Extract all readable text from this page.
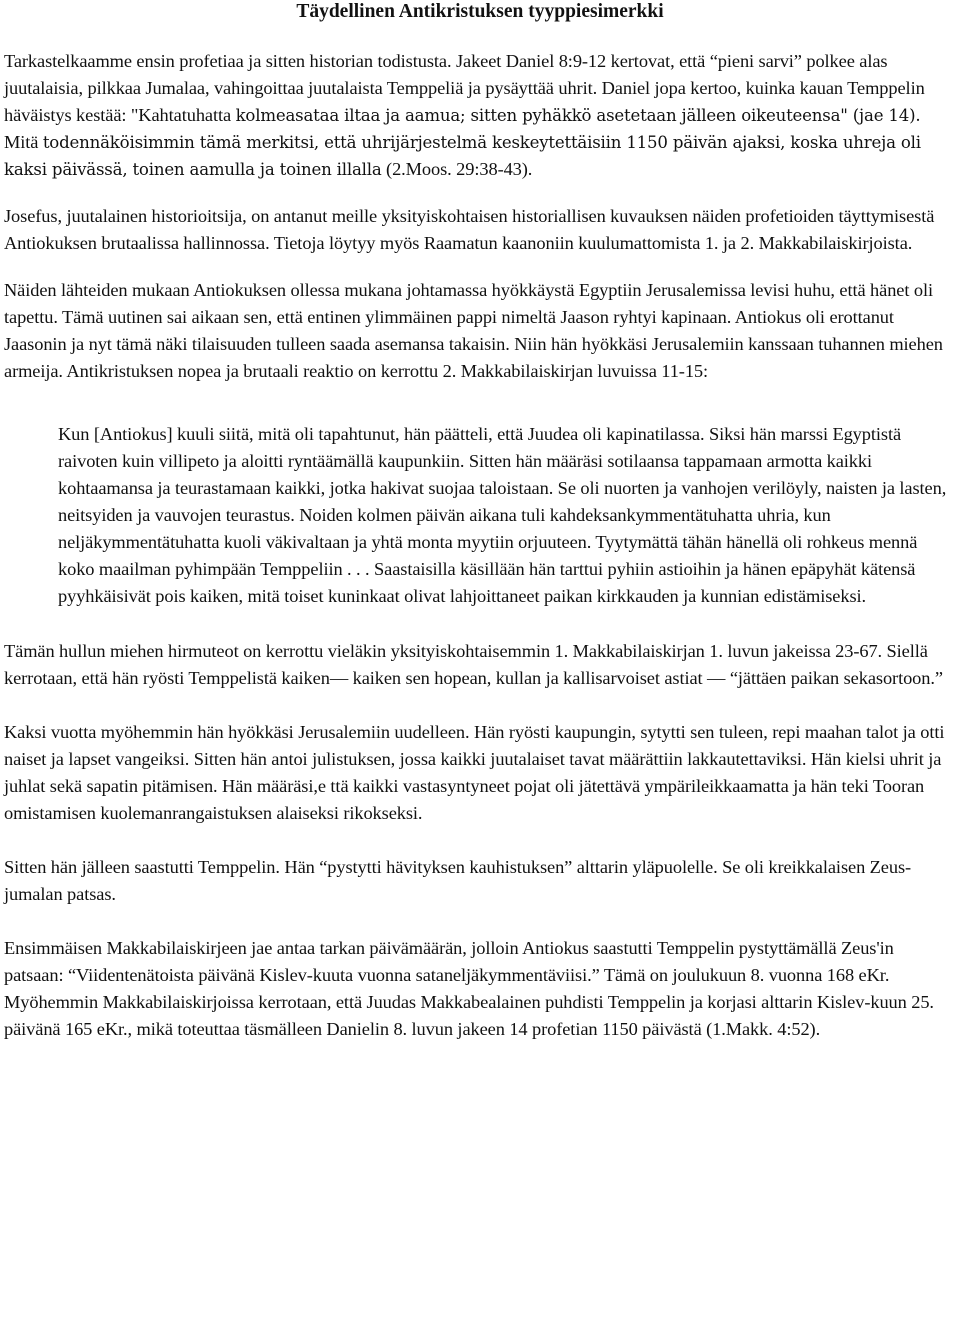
Täydellinen Antikristuksen tyyppiesimerkki

Tarkastelkaamme ensin profetiaa ja sitten historian todistusta. Jakeet Daniel 8:9-12 kertovat, että “pieni sarvi” polkee alas juutalaisia, pilkkaa Jumalaa, vahingoittaa juutalaista Temppeliä ja pysäyttää uhrit. Daniel jopa kertoo, kuinka kauan Temppelin häväistys kestää: "Kahtatuhatta kolmeasataa iltaa ja aamua; sitten pyhäkkö asetetaan jälleen oikeuteensa" (jae 14). Mitä todennäköisimmin tämä merkitsi, että uhrijärjestelmä keskeytettäisiin 1150 päivän ajaksi, koska uhreja oli kaksi päivässä, toinen aamulla ja toinen illalla (2.Moos. 29:38-43).

Josefus, juutalainen historioitsija, on antanut meille yksityiskohtaisen historiallisen kuvauksen näiden profetioiden täyttymisestä Antiokuksen brutaalissa hallinnossa. Tietoja löytyy myös Raamatun kaanoniin kuulumattomista 1. ja 2. Makkabilaiskirjoista.

Näiden lähteiden mukaan Antiokuksen ollessa mukana johtamassa hyökkäystä Egyptiin Jerusalemissa levisi huhu, että hänet oli tapettu. Tämä uutinen sai aikaan sen, että entinen ylimmäinen pappi nimeltä Jaason ryhtyi kapinaan. Antiokus oli erottanut Jaasonin ja nyt tämä näki tilaisuuden tulleen saada asemansa takaisin. Niin hän hyökkäsi Jerusalemiin kanssaan tuhannen miehen armeija. Antikristuksen nopea ja brutaali reaktio on kerrottu 2. Makkabilaiskirjan luvuissa 11-15:

Kun [Antiokus] kuuli siitä, mitä oli tapahtunut, hän päätteli, että Juudea oli kapinatilassa. Siksi hän marssi Egyptistä raivoten kuin villipeto ja aloitti ryntäämällä kaupunkiin. Sitten hän määräsi sotilaansa tappamaan armotta kaikki kohtaamansa ja teurastamaan kaikki, jotka hakivat suojaa taloistaan. Se oli nuorten ja vanhojen verilöyly, naisten ja lasten, neitsyiden ja vauvojen teurastus. Noiden kolmen päivän aikana tuli kahdeksankymmentätuhatta uhria, kun neljäkymmentätuhatta kuoli väkivaltaan ja yhtä monta myytiin orjuuteen. Tyytymättä tähän hänellä oli rohkeus mennä koko maailman pyhimpään Temppeliin . . . Saastaisilla käsillään hän tarttui pyhiin astioihin ja hänen epäpyhät kätensä pyyhkäisivät pois kaiken, mitä toiset kuninkaat olivat lahjoittaneet paikan kirkkauden ja kunnian edistämiseksi.

Tämän hullun miehen hirmuteot on kerrottu vieläkin yksityiskohtaisemmin 1. Makkabilaiskirjan 1. luvun jakeissa 23-67. Siellä kerrotaan, että hän ryösti Temppelistä kaiken— kaiken sen hopean, kullan ja kallisarvoiset astiat — “jättäen paikan sekasortoon.”

Kaksi vuotta myöhemmin hän hyökkäsi Jerusalemiin uudelleen. Hän ryösti kaupungin, sytytti sen tuleen, repi maahan talot ja otti naiset ja lapset vangeiksi. Sitten hän antoi julistuksen, jossa kaikki juutalaiset tavat määrättiin lakkautettaviksi. Hän kielsi uhrit ja juhlat sekä sapatin pitämisen. Hän määräsi,e ttä kaikki vastasyntyneet pojat oli jätettävä ympärileikkaamatta ja hän teki Tooran omistamisen kuolemanrangaistuksen alaiseksi rikokseksi.

Sitten hän jälleen saastutti Temppelin. Hän “pystytti hävityksen kauhistuksen” alttarin yläpuolelle. Se oli kreikkalaisen Zeus-jumalan patsas.

Ensimmäisen Makkabilaiskirjeen jae antaa tarkan päivämäärän, jolloin Antiokus saastutti Temppelin pystyttämällä Zeus'in patsaan: “Viidentenätoista päivänä Kislev-kuuta vuonna sataneljäkymmentäviisi.” Tämä on joulukuun 8. vuonna 168 eKr. Myöhemmin Makkabilaiskirjoissa kerrotaan, että Juudas Makkabealainen puhdisti Temppelin ja korjasi alttarin Kislev-kuun 25. päivänä 165 eKr., mikä toteuttaa täsmälleen Danielin 8. luvun jakeen 14 profetian 1150 päivästä (1.Makk. 4:52).
